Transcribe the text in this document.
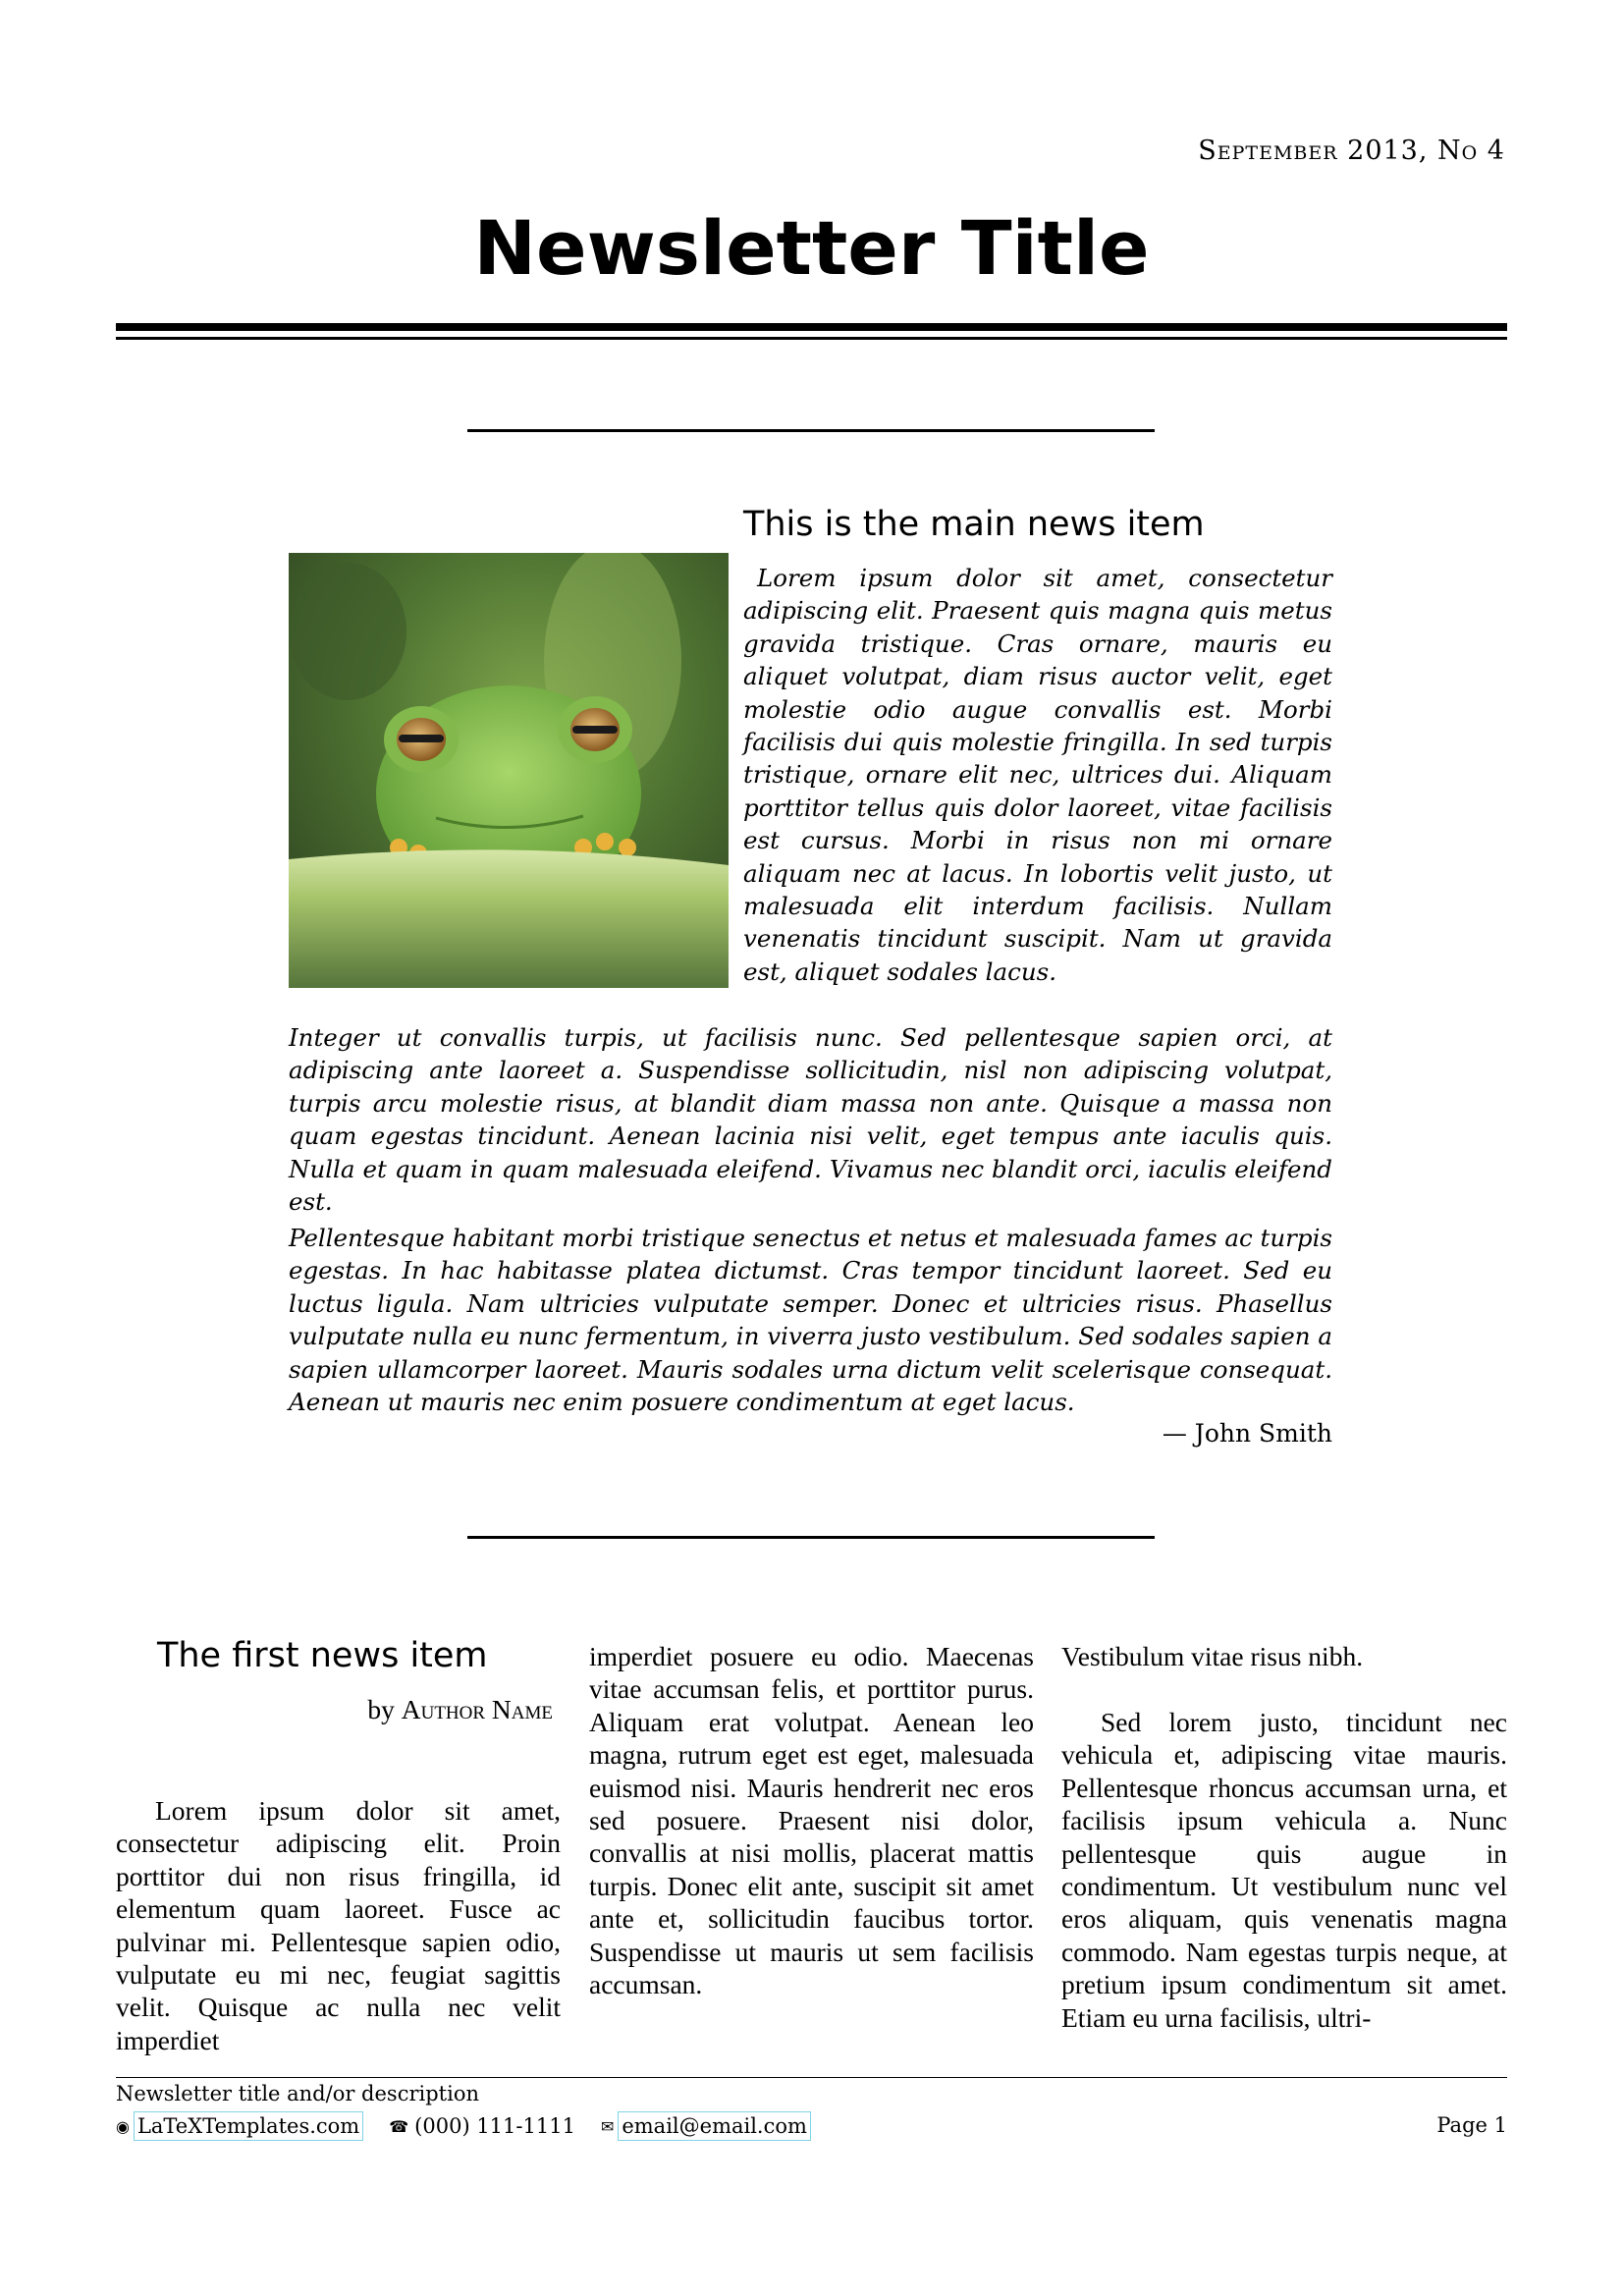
September 2013, No 4
Newsletter Title
This is the main news item
Lorem ipsum dolor sit amet, consectetur adipiscing elit. Praesent quis magna quis metus gravida tristique. Cras ornare, mauris eu aliquet volutpat, diam risus auctor velit, eget molestie odio augue convallis est. Morbi facilisis dui quis molestie fringilla. In sed turpis tristique, ornare elit nec, ultrices dui. Aliquam porttitor tellus quis dolor laoreet, vitae facilisis est cursus. Morbi in risus non mi ornare aliquam nec at lacus. In lobortis velit justo, ut malesuada elit interdum facilisis. Nullam venenatis tincidunt suscipit. Nam ut gravida est, aliquet sodales lacus.
Integer ut convallis turpis, ut facilisis nunc. Sed pellentesque sapien orci, at adipiscing ante laoreet a. Suspendisse sollicitudin, nisl non adipiscing volutpat, turpis arcu molestie risus, at blandit diam massa non ante. Quisque a massa non quam egestas tincidunt. Aenean lacinia nisi velit, eget tempus ante iaculis quis. Nulla et quam in quam malesuada eleifend. Vivamus nec blandit orci, iaculis eleifend est.
Pellentesque habitant morbi tristique senectus et netus et malesuada fames ac turpis egestas. In hac habitasse platea dictumst. Cras tempor tincidunt laoreet. Sed eu luctus ligula. Nam ultricies vulputate semper. Donec et ultricies risus. Phasellus vulputate nulla eu nunc fermentum, in viverra justo vestibulum. Sed sodales sapien a sapien ullamcorper laoreet. Mauris sodales urna dictum velit scelerisque consequat. Aenean ut mauris nec enim posuere condimentum at eget lacus.
— John Smith
The first news item
by Author Name
Lorem ipsum dolor sit amet, consectetur adipiscing elit. Proin porttitor dui non risus fringilla, id elementum quam laoreet. Fusce ac pulvinar mi. Pellentesque sapien odio, vulputate eu mi nec, feugiat sagittis velit. Quisque ac nulla nec velit imperdiet
imperdiet posuere eu odio. Maecenas vitae accumsan felis, et porttitor purus. Aliquam erat volutpat. Aenean leo magna, rutrum eget est eget, malesuada euismod nisi. Mauris hendrerit nec eros sed posuere. Praesent nisi dolor, convallis at nisi mollis, placerat mattis turpis. Donec elit ante, suscipit sit amet ante et, sollicitudin faucibus tortor. Suspendisse ut mauris ut sem facilisis accumsan.
Vestibulum vitae risus nibh.
Sed lorem justo, tincidunt nec vehicula et, adipiscing vitae mauris. Pellentesque rhoncus accumsan urna, et facilisis ipsum vehicula a. Nunc pellentesque quis augue in condimentum. Ut vestibulum nunc vel eros aliquam, quis venenatis magna commodo. Nam egestas turpis neque, at pretium ipsum condimentum sit amet. Etiam eu urna facilisis, ultri-
Newsletter title and/or description
◉ LaTeXTemplates.com ☎ (000) 111-1111 ✉ email@email.com	Page 1
